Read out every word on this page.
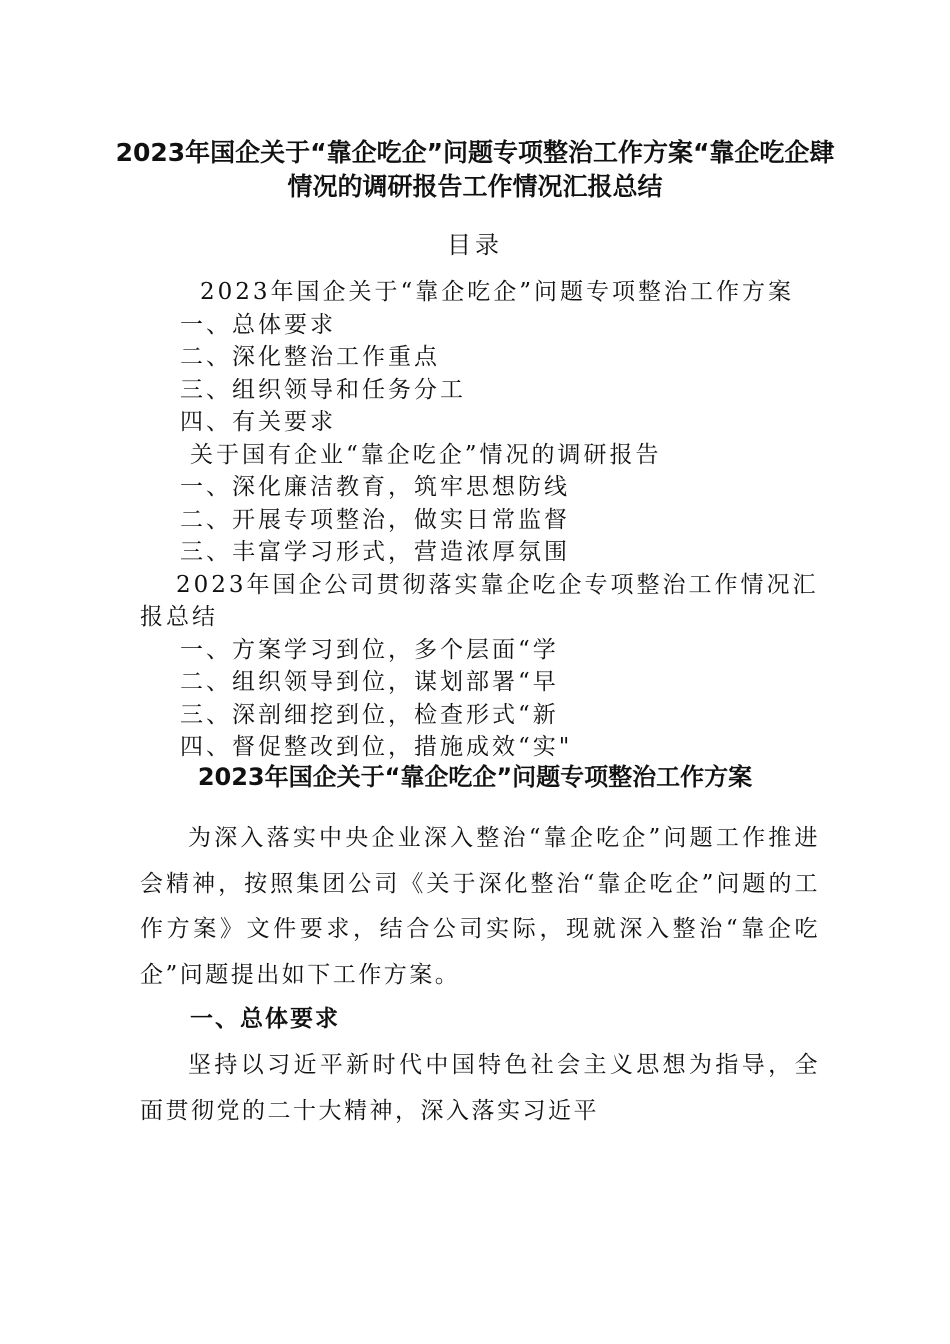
2023年国企关于“靠企吃企”问题专项整治工作方案“靠企吃企肆情况的调研报告工作情况汇报总结
目录
2023年国企关于“靠企吃企”问题专项整治工作方案
一、总体要求
二、深化整治工作重点
三、组织领导和任务分工
四、有关要求
关于国有企业“靠企吃企”情况的调研报告
一、深化廉洁教育，筑牢思想防线
二、开展专项整治，做实日常监督
三、丰富学习形式，营造浓厚氛围
2023年国企公司贯彻落实靠企吃企专项整治工作情况汇报总结
一、方案学习到位，多个层面“学
二、组织领导到位，谋划部署“早
三、深剖细挖到位，检查形式“新
四、督促整改到位，措施成效“实"
2023年国企关于“靠企吃企”问题专项整治工作方案
为深入落实中央企业深入整治“靠企吃企”问题工作推进会精神，按照集团公司《关于深化整治“靠企吃企”问题的工作方案》文件要求，结合公司实际，现就深入整治“靠企吃企”问题提出如下工作方案。
一、总体要求
坚持以习近平新时代中国特色社会主义思想为指导，全面贯彻党的二十大精神，深入落实习近平
